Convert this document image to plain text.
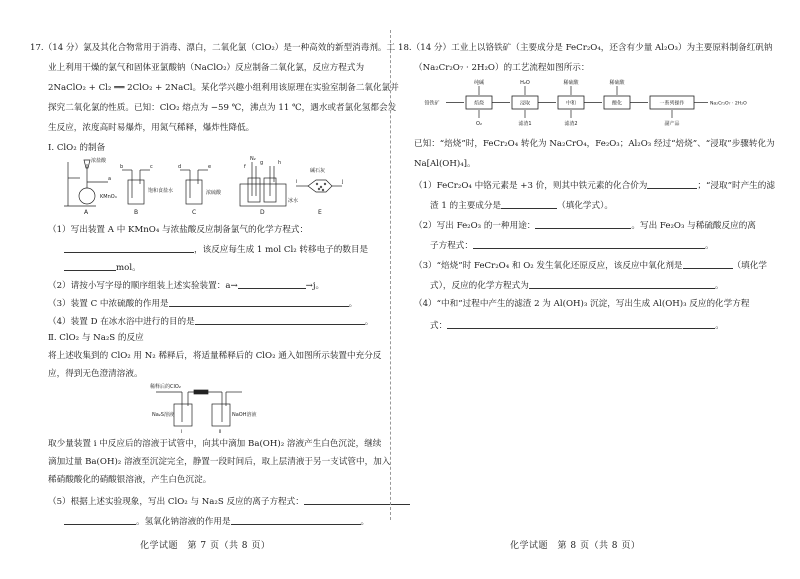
17.（14 分）氯及其化合物常用于消毒、漂白，二氧化氯（ClO₂）是一种高效的新型消毒剂。工
业上利用干燥的氯气和固体亚氯酸钠（NaClO₂）反应制备二氧化氯，反应方程式为
2NaClO₂ + Cl₂ ══ 2ClO₂ + 2NaCl。某化学兴趣小组利用该原理在实验室制备二氧化氯并
探究二氧化氯的性质。已知：ClO₂ 熔点为 −59 ℃，沸点为 11 ℃，遇水或者氯化氢都会发
生反应，浓度高时易爆炸，用氮气稀释，爆炸性降低。
Ⅰ. ClO₂ 的制备
浓盐酸
KMnO₄
饱和食盐水	浓硫酸
N₂
冰水
碱石灰
a
b	c	d	e	f
g	h
i	j
A	B	C	D	E
（1）写出装置 A 中 KMnO₄ 与浓盐酸反应制备氯气的化学方程式：
，该反应每生成 1 mol Cl₂ 转移电子的数目是
mol。
（2）请按小写字母的顺序组装上述实验装置：a→	→j。
（3）装置 C 中浓硫酸的作用是	。
（4）装置 D 在冰水浴中进行的目的是	。
Ⅱ. ClO₂ 与 Na₂S 的反应
将上述收集到的 ClO₂ 用 N₂ 稀释后，将适量稀释后的 ClO₂ 通入如图所示装置中充分反
应，得到无色澄清溶液。
稀释后的ClO₂
Na₂S溶液	NaOH溶液
ⅰ	ⅱ
取少量装置 ⅰ 中反应后的溶液于试管中，向其中滴加 Ba(OH)₂ 溶液产生白色沉淀，继续
滴加过量 Ba(OH)₂ 溶液至沉淀完全，静置一段时间后，取上层清液于另一支试管中，加入
稀硝酸酸化的硝酸银溶液，产生白色沉淀。
（5）根据上述实验现象，写出 ClO₂ 与 Na₂S 反应的离子方程式：
。氢氧化钠溶液的作用是	。
18.（14 分）工业上以铬铁矿（主要成分是 FeCr₂O₄，还含有少量 Al₂O₃）为主要原料制备红矾钠
（Na₂Cr₂O₇ · 2H₂O）的工艺流程如图所示：
铬铁矿
纯碱	H₂O	稀硫酸	稀硫酸
焙烧	浸取	中和	酸化	一系列操作
O₂	滤渣1	滤渣2	副产品
Na₂Cr₂O₇ · 2H₂O
已知：“焙烧”时，FeCr₂O₄ 转化为 Na₂CrO₄，Fe₂O₃；Al₂O₃ 经过“焙烧”、“浸取”步骤转化为
Na[Al(OH)₄]。
（1）FeCr₂O₄ 中铬元素是 +3 价，则其中铁元素的化合价为	；“浸取”时产生的滤
渣 1 的主要成分是	（填化学式）。
（2）写出 Fe₂O₃ 的一种用途：	。写出 Fe₂O₃ 与稀硫酸反应的离
子方程式：	。
（3）“焙烧”时 FeCr₂O₄ 和 O₂ 发生氧化还原反应，该反应中氧化剂是	（填化学
式），反应的化学方程式为	。
（4）“中和”过程中产生的滤渣 2 为 Al(OH)₃ 沉淀，写出生成 Al(OH)₃ 反应的化学方程
式：	。
化学试题　第 7 页（共 8 页）	化学试题　第 8 页（共 8 页）
